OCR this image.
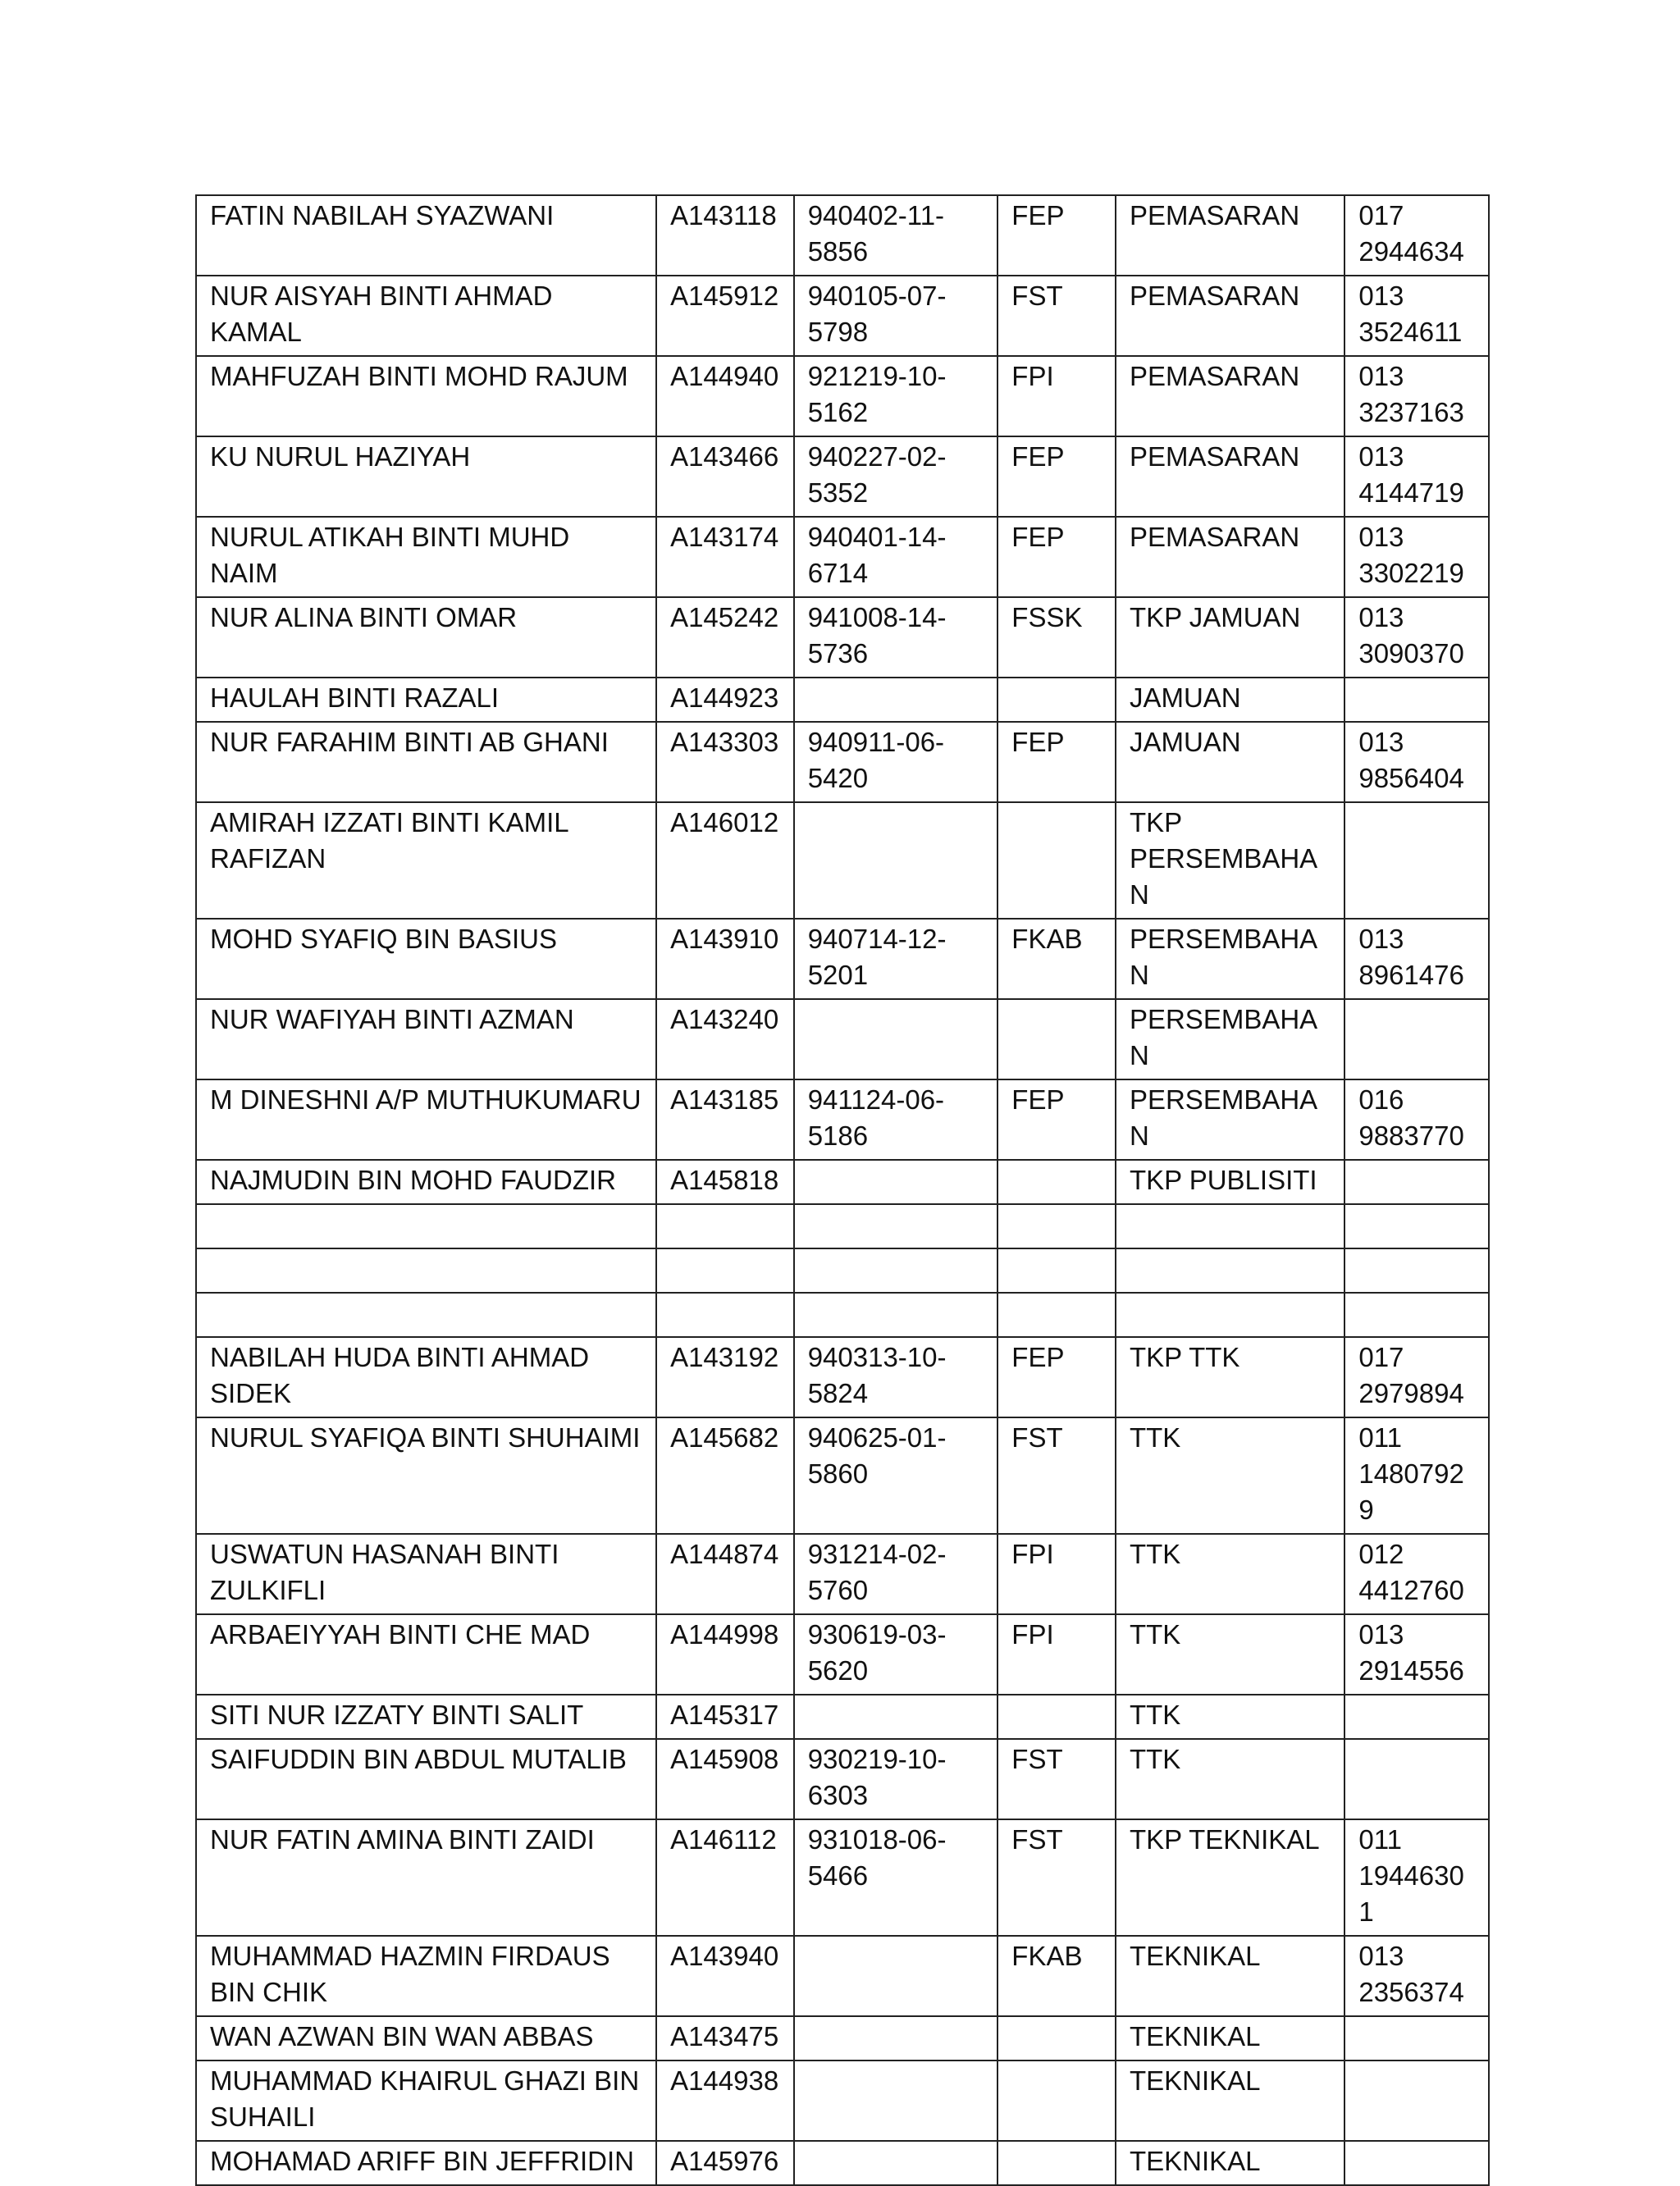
FATIN NABILAH SYAZWANI	A143118	940402-11-5856	FEP	PEMASARAN	017 2944634
NUR AISYAH BINTI AHMAD KAMAL	A145912	940105-07-5798	FST	PEMASARAN	013 3524611
MAHFUZAH BINTI MOHD RAJUM	A144940	921219-10-5162	FPI	PEMASARAN	013 3237163
KU NURUL HAZIYAH	A143466	940227-02-5352	FEP	PEMASARAN	013 4144719
NURUL ATIKAH BINTI MUHD NAIM	A143174	940401-14-6714	FEP	PEMASARAN	013 3302219
NUR ALINA BINTI OMAR	A145242	941008-14-5736	FSSK	TKP JAMUAN	013 3090370
HAULAH BINTI RAZALI	A144923			JAMUAN	
NUR FARAHIM BINTI AB GHANI	A143303	940911-06-5420	FEP	JAMUAN	013 9856404
AMIRAH IZZATI BINTI KAMIL RAFIZAN	A146012			TKP PERSEMBAHAN	
MOHD SYAFIQ BIN BASIUS	A143910	940714-12-5201	FKAB	PERSEMBAHAN	013 8961476
NUR WAFIYAH BINTI AZMAN	A143240			PERSEMBAHAN	
M DINESHNI A/P MUTHUKUMARU	A143185	941124-06-5186	FEP	PERSEMBAHAN	016 9883770
NAJMUDIN BIN MOHD FAUDZIR	A145818			TKP PUBLISITI	

NABILAH HUDA BINTI AHMAD SIDEK	A143192	940313-10-5824	FEP	TKP TTK	017 2979894
NURUL SYAFIQA BINTI SHUHAIMI	A145682	940625-01-5860	FST	TTK	011 14807929
USWATUN HASANAH BINTI ZULKIFLI	A144874	931214-02-5760	FPI	TTK	012 4412760
ARBAEIYYAH BINTI CHE MAD	A144998	930619-03-5620	FPI	TTK	013 2914556
SITI NUR IZZATY BINTI SALIT	A145317			TTK	
SAIFUDDIN BIN ABDUL MUTALIB	A145908	930219-10-6303	FST	TTK	
NUR FATIN AMINA BINTI ZAIDI	A146112	931018-06-5466	FST	TKP TEKNIKAL	011 19446301
MUHAMMAD HAZMIN FIRDAUS BIN CHIK	A143940		FKAB	TEKNIKAL	013 2356374
WAN AZWAN BIN WAN ABBAS	A143475			TEKNIKAL	
MUHAMMAD KHAIRUL GHAZI BIN SUHAILI	A144938			TEKNIKAL	
MOHAMAD ARIFF BIN JEFFRIDIN	A145976			TEKNIKAL	
